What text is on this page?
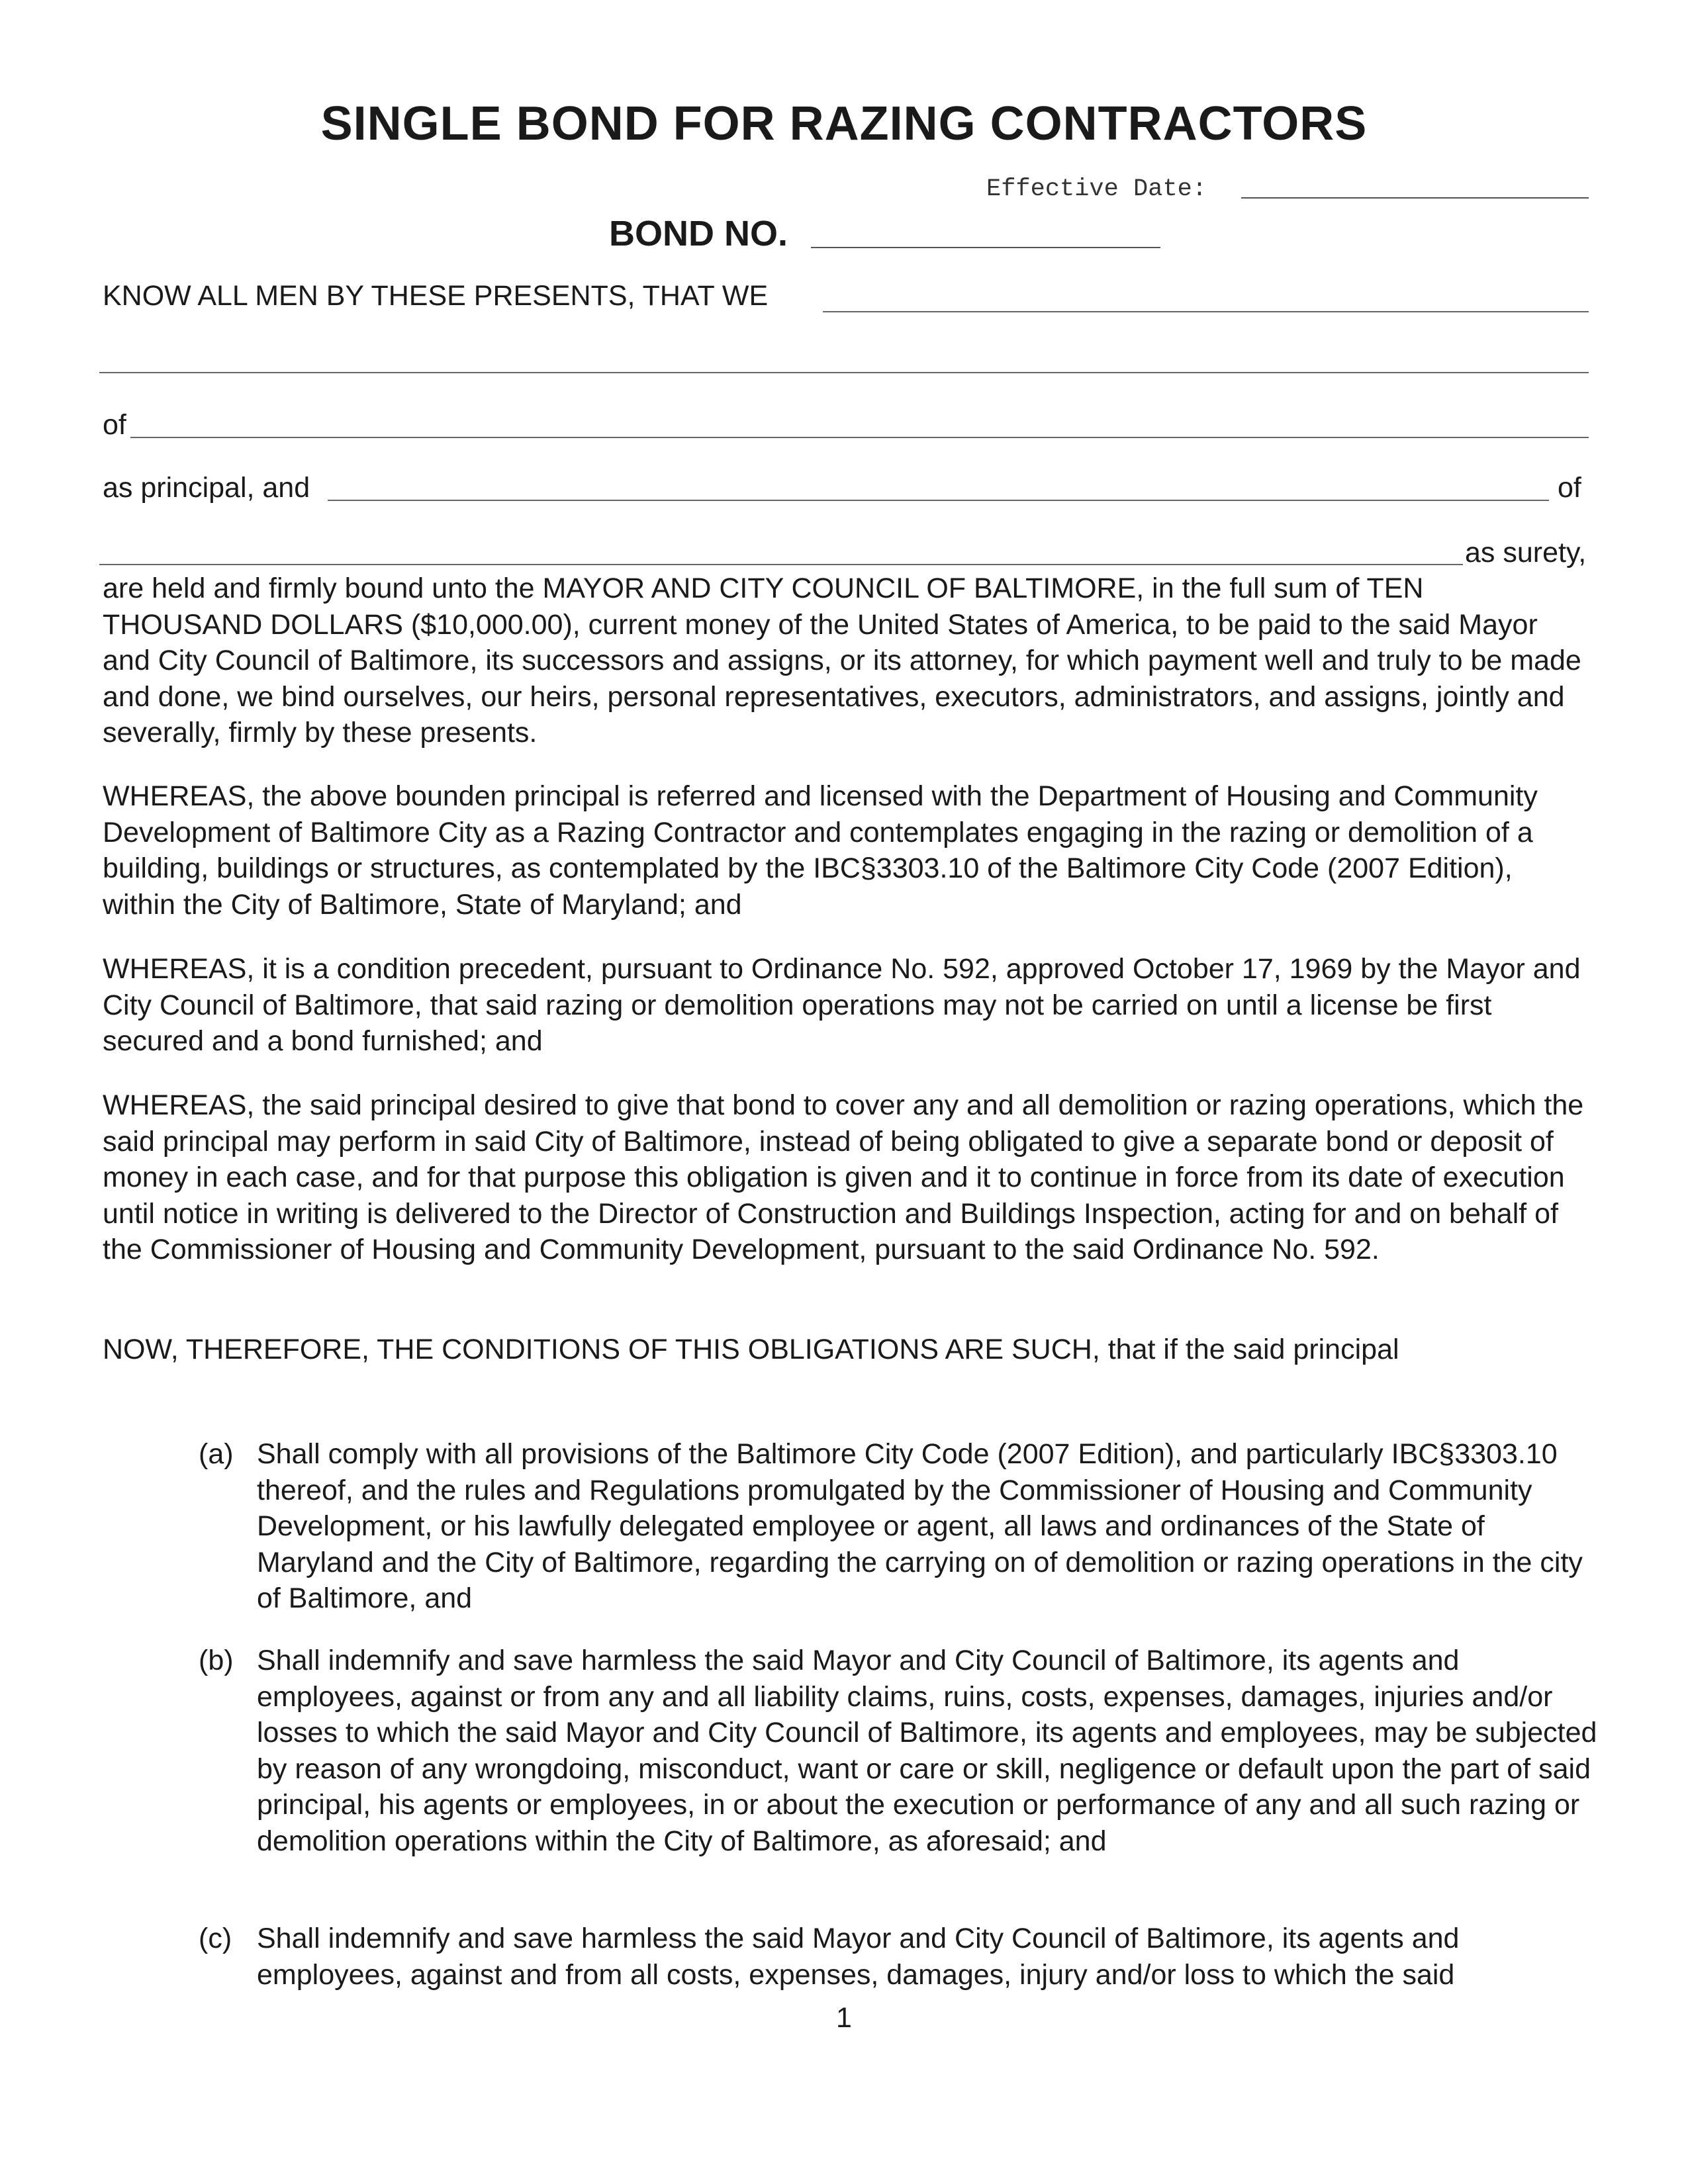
SINGLE BOND FOR RAZING CONTRACTORS
Effective Date:
BOND NO.
KNOW ALL MEN BY THESE PRESENTS, THAT WE
of
as principal, and	of
as surety,

are held and firmly bound unto the MAYOR AND CITY COUNCIL OF BALTIMORE, in the full sum of TEN THOUSAND DOLLARS ($10,000.00), current money of the United States of America, to be paid to the said Mayor and City Council of Baltimore, its successors and assigns, or its attorney, for which payment well and truly to be made and done, we bind ourselves, our heirs, personal representatives, executors, administrators, and assigns, jointly and severally, firmly by these presents.

WHEREAS, the above bounden principal is referred and licensed with the Department of Housing and Community Development of Baltimore City as a Razing Contractor and contemplates engaging in the razing or demolition of a building, buildings or structures, as contemplated by the IBC§3303.10 of the Baltimore City Code (2007 Edition), within the City of Baltimore, State of Maryland; and

WHEREAS, it is a condition precedent, pursuant to Ordinance No. 592, approved October 17, 1969 by the Mayor and City Council of Baltimore, that said razing or demolition operations may not be carried on until a license be first secured and a bond furnished; and

WHEREAS, the said principal desired to give that bond to cover any and all demolition or razing operations, which the said principal may perform in said City of Baltimore, instead of being obligated to give a separate bond or deposit of money in each case, and for that purpose this obligation is given and it to continue in force from its date of execution until notice in writing is delivered to the Director of Construction and Buildings Inspection, acting for and on behalf of the Commissioner of Housing and Community Development, pursuant to the said Ordinance No. 592.

NOW, THEREFORE, THE CONDITIONS OF THIS OBLIGATIONS ARE SUCH, that if the said principal

(a) Shall comply with all provisions of the Baltimore City Code (2007 Edition), and particularly IBC§3303.10 thereof, and the rules and Regulations promulgated by the Commissioner of Housing and Community Development, or his lawfully delegated employee or agent, all laws and ordinances of the State of Maryland and the City of Baltimore, regarding the carrying on of demolition or razing operations in the city of Baltimore, and
(b) Shall indemnify and save harmless the said Mayor and City Council of Baltimore, its agents and employees, against or from any and all liability claims, ruins, costs, expenses, damages, injuries and/or losses to which the said Mayor and City Council of Baltimore, its agents and employees, may be subjected by reason of any wrongdoing, misconduct, want or care or skill, negligence or default upon the part of said principal, his agents or employees, in or about the execution or performance of any and all such razing or demolition operations within the City of Baltimore, as aforesaid; and
(c) Shall indemnify and save harmless the said Mayor and City Council of Baltimore, its agents and employees, against and from all costs, expenses, damages, injury and/or loss to which the said
1
